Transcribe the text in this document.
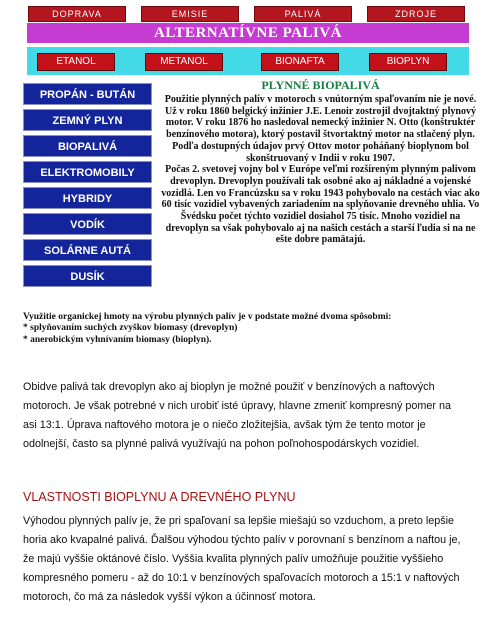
DOPRAVA	EMISIE	PALIVÁ	ZDROJE
ALTERNATÍVNE PALIVÁ
ETANOL	METANOL	BIONAFTA	BIOPLYN
PROPÁN - BUTÁN
ZEMNÝ PLYN
BIOPALIVÁ
ELEKTROMOBILY
HYBRIDY
VODÍK
SOLÁRNE AUTÁ
DUSÍK
PLYNNÉ BIOPALIVÁ
Použitie plynných palív v motoroch s vnútorným spaľovaním nie je nové. Už v roku 1860 belgický inžinier J.E. Lenoir zostrojil dvojtaktný plynový motor. V roku 1876 ho nasledoval nemecký inžinier N. Otto (konštruktér benzínového motora), ktorý postavil štvortaktný motor na stlačený plyn. Podľa dostupných údajov prvý Ottov motor poháňaný bioplynom bol skonštruovaný v Indii v roku 1907.
Počas 2. svetovej vojny bol v Európe veľmi rozšíreným plynným palivom drevoplyn. Drevoplyn používali tak osobné ako aj nákladné a vojenské vozidlá. Len vo Francúzsku sa v roku 1943 pohybovalo na cestách viac ako 60 tisíc vozidiel vybavených zariadením na splyňovanie drevného uhlia. Vo Švédsku počet týchto vozidiel dosiahol 75 tisíc. Mnoho vozidiel na drevoplyn sa však pohybovalo aj na našich cestách a starší ľudia si na ne ešte dobre pamätajú.
Využitie organickej hmoty na výrobu plynných palív je v podstate možné dvoma spôsobmi:
* splyňovaním suchých zvyškov biomasy (drevoplyn)
* anerobickým vyhnívaním biomasy (bioplyn).
Obidve palivá tak drevoplyn ako aj bioplyn je možné použiť v benzínových a naftových motoroch. Je však potrebné v nich urobiť isté úpravy, hlavne zmeniť kompresný pomer na asi 13:1. Úprava naftového motora je o niečo zložitejšia, avšak tým že tento motor je odolnejší, často sa plynné palivá využívajú na pohon poľnohospodárskych vozidiel.
VLASTNOSTI BIOPLYNU A DREVNÉHO PLYNU
Výhodou plynných palív je, že pri spaľovaní sa lepšie miešajú so vzduchom, a preto lepšie horia ako kvapalné palivá. Ďalšou výhodou týchto palív v porovnaní s benzínom a naftou je, že majú vyššie oktánové číslo. Vyššia kvalita plynných palív umožňuje použitie vyššieho kompresného pomeru - až do 10:1 v benzínových spaľovacích motoroch a 15:1 v naftových motoroch, čo má za následok vyšší výkon a účinnosť motora.
